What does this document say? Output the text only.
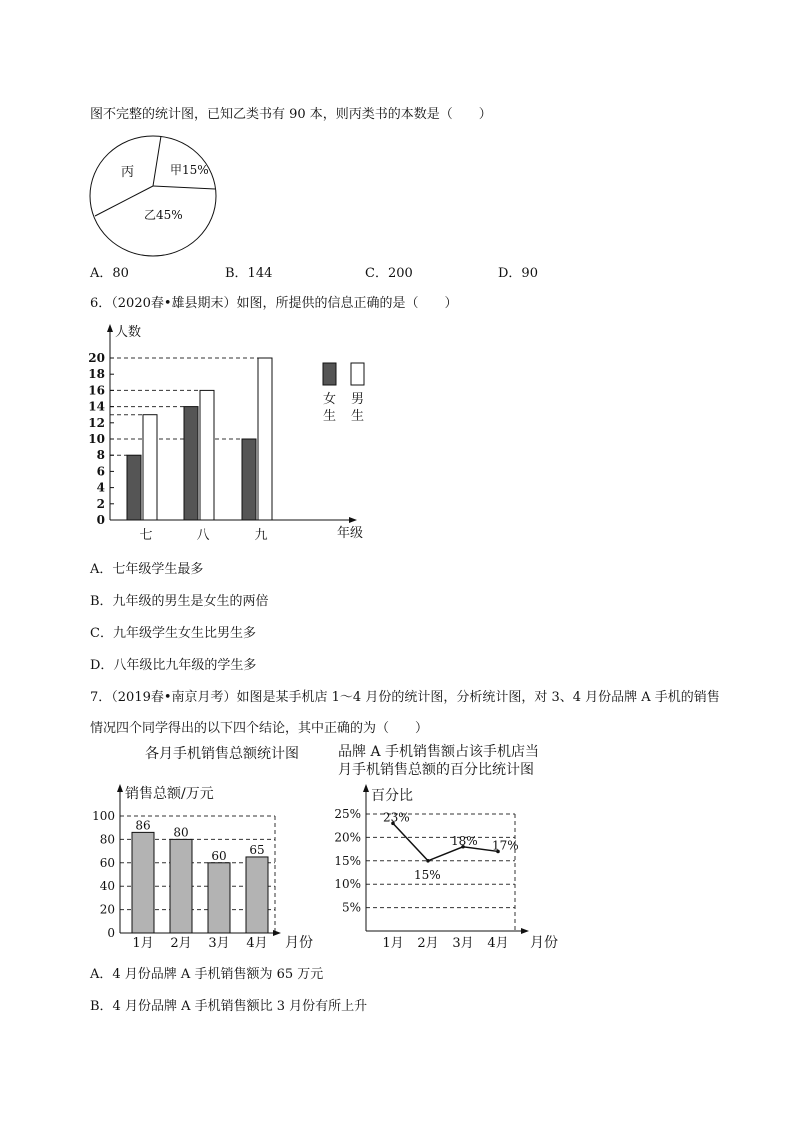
图不完整的统计图，已知乙类书有 90 本，则丙类书的本数是（　　）
丙	甲15%
乙45%
A．80	B．144	C．200	D．90
6．（2020春•雄县期末）如图，所提供的信息正确的是（　　）
0
2
4
6
8
10
12
14
16
18
20
人数
年级
七	八	九
女
生
男
生
A．七年级学生最多
B．九年级的男生是女生的两倍
C．九年级学生女生比男生多
D．八年级比九年级的学生多
7．（2019春•南京月考）如图是某手机店 1～4 月份的统计图，分析统计图，对 3、4 月份品牌 A 手机的销售
情况四个同学得出的以下四个结论，其中正确的为（　　）
各月手机销售总额统计图
销售总额/万元
86
80
60 65
0
20
40
60
80
100
1月 2月 3月 4月 月份
品牌 A 手机销售额占该手机店当
月手机销售总额的百分比统计图
百分比
5%
10%
15%
20%
25% 23%
15%
18% 17%
1月 2月 3月 4月 月份
A．4 月份品牌 A 手机销售额为 65 万元
B．4 月份品牌 A 手机销售额比 3 月份有所上升
